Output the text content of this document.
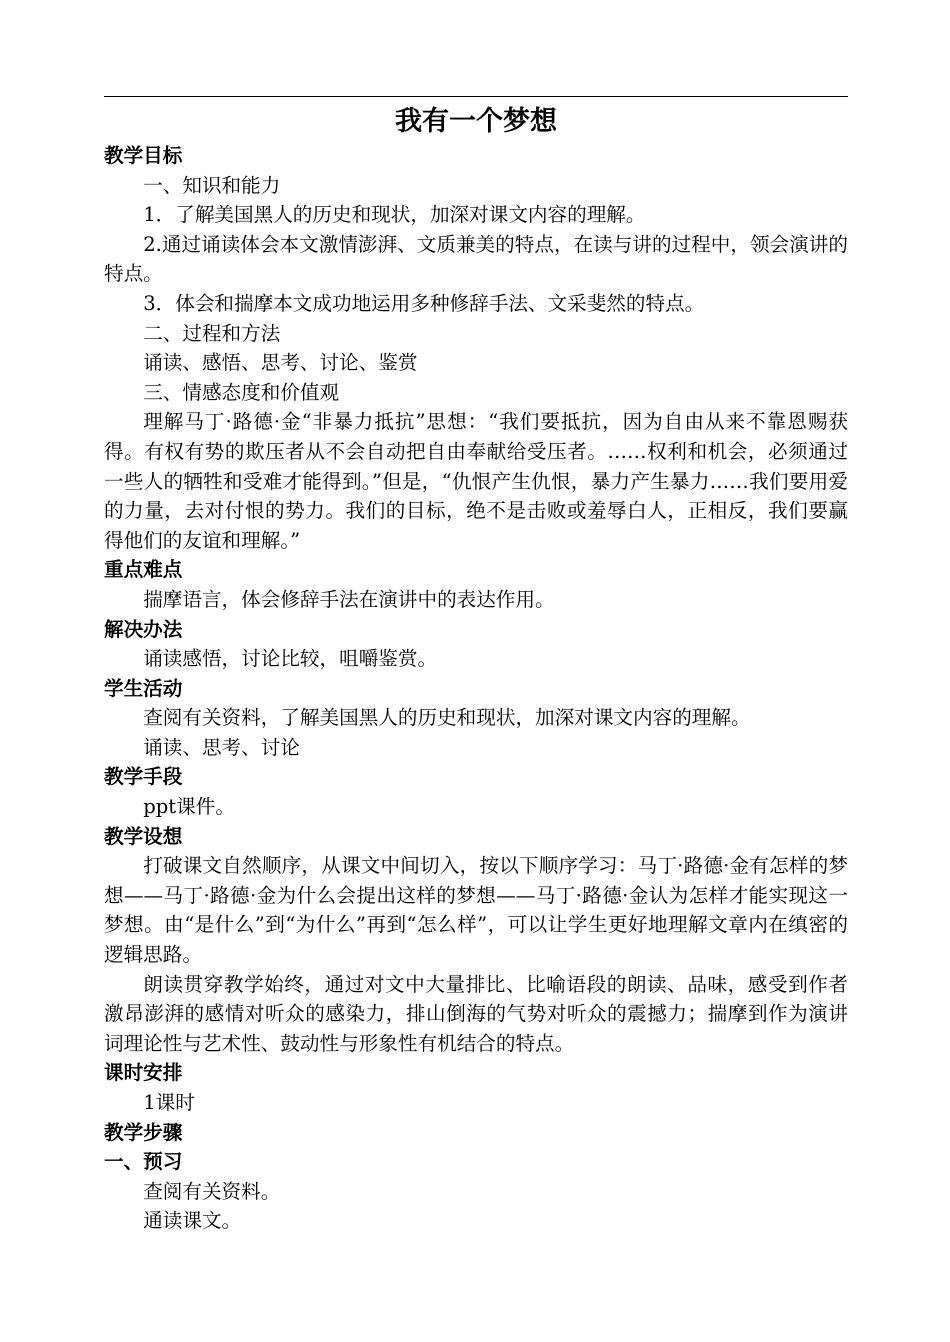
我有一个梦想
教学目标

一、知识和能力

1．了解美国黑人的历史和现状，加深对课文内容的理解。

2.通过诵读体会本文激情澎湃、文质兼美的特点，在读与讲的过程中，领会演讲的特点。

3．体会和揣摩本文成功地运用多种修辞手法、文采斐然的特点。

二、过程和方法

诵读、感悟、思考、讨论、鉴赏

三、情感态度和价值观

理解马丁·路德·金“非暴力抵抗”思想：“我们要抵抗，因为自由从来不靠恩赐获得。有权有势的欺压者从不会自动把自由奉献给受压者。……权利和机会，必须通过一些人的牺牲和受难才能得到。”但是，“仇恨产生仇恨，暴力产生暴力……我们要用爱的力量，去对付恨的势力。我们的目标，绝不是击败或羞辱白人，正相反，我们要赢得他们的友谊和理解。”

重点难点

揣摩语言，体会修辞手法在演讲中的表达作用。

解决办法

诵读感悟，讨论比较，咀嚼鉴赏。

学生活动

查阅有关资料，了解美国黑人的历史和现状，加深对课文内容的理解。

诵读、思考、讨论

教学手段

ppt课件。

教学设想

打破课文自然顺序，从课文中间切入，按以下顺序学习：马丁·路德·金有怎样的梦想——马丁·路德·金为什么会提出这样的梦想——马丁·路德·金认为怎样才能实现这一梦想。由“是什么”到“为什么”再到“怎么样”，可以让学生更好地理解文章内在缜密的逻辑思路。

朗读贯穿教学始终，通过对文中大量排比、比喻语段的朗读、品味，感受到作者激昂澎湃的感情对听众的感染力，排山倒海的气势对听众的震撼力；揣摩到作为演讲词理论性与艺术性、鼓动性与形象性有机结合的特点。

课时安排

1课时

教学步骤
一、预习

查阅有关资料。

通读课文。
